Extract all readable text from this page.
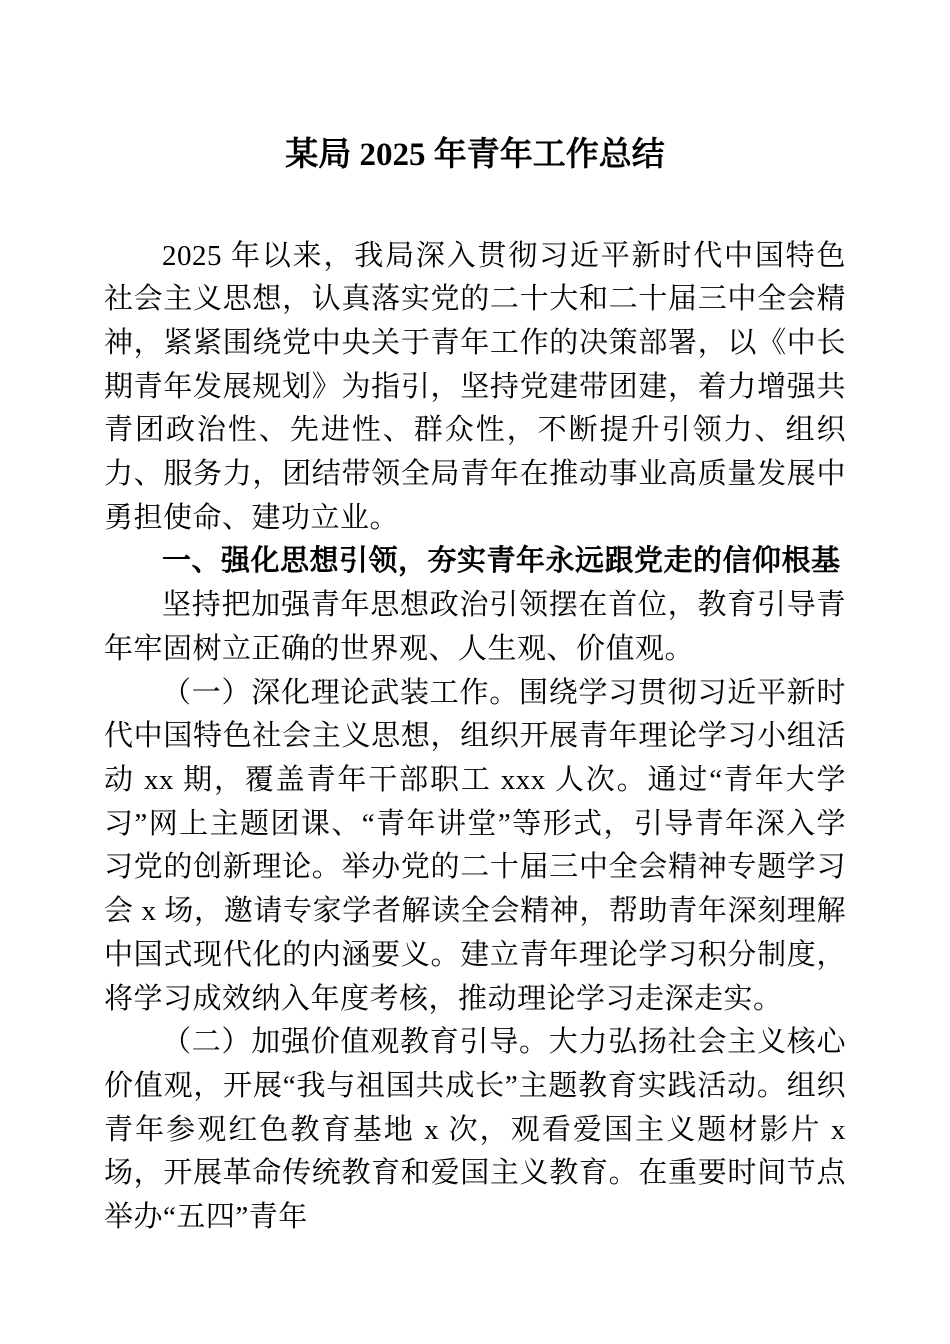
某局 2025 年青年工作总结

2025 年以来，我局深入贯彻习近平新时代中国特色社会主义思想，认真落实党的二十大和二十届三中全会精神，紧紧围绕党中央关于青年工作的决策部署，以《中长期青年发展规划》为指引，坚持党建带团建，着力增强共青团政治性、先进性、群众性，不断提升引领力、组织力、服务力，团结带领全局青年在推动事业高质量发展中勇担使命、建功立业。

一、强化思想引领，夯实青年永远跟党走的信仰根基

坚持把加强青年思想政治引领摆在首位，教育引导青年牢固树立正确的世界观、人生观、价值观。

（一）深化理论武装工作。围绕学习贯彻习近平新时代中国特色社会主义思想，组织开展青年理论学习小组活动 xx 期，覆盖青年干部职工 xxx 人次。通过“青年大学习”网上主题团课、“青年讲堂”等形式，引导青年深入学习党的创新理论。举办党的二十届三中全会精神专题学习会 x 场，邀请专家学者解读全会精神，帮助青年深刻理解中国式现代化的内涵要义。建立青年理论学习积分制度，将学习成效纳入年度考核，推动理论学习走深走实。

（二）加强价值观教育引导。大力弘扬社会主义核心价值观，开展“我与祖国共成长”主题教育实践活动。组织青年参观红色教育基地 x 次，观看爱国主义题材影片 x 场，开展革命传统教育和爱国主义教育。在重要时间节点举办“五四”青年
